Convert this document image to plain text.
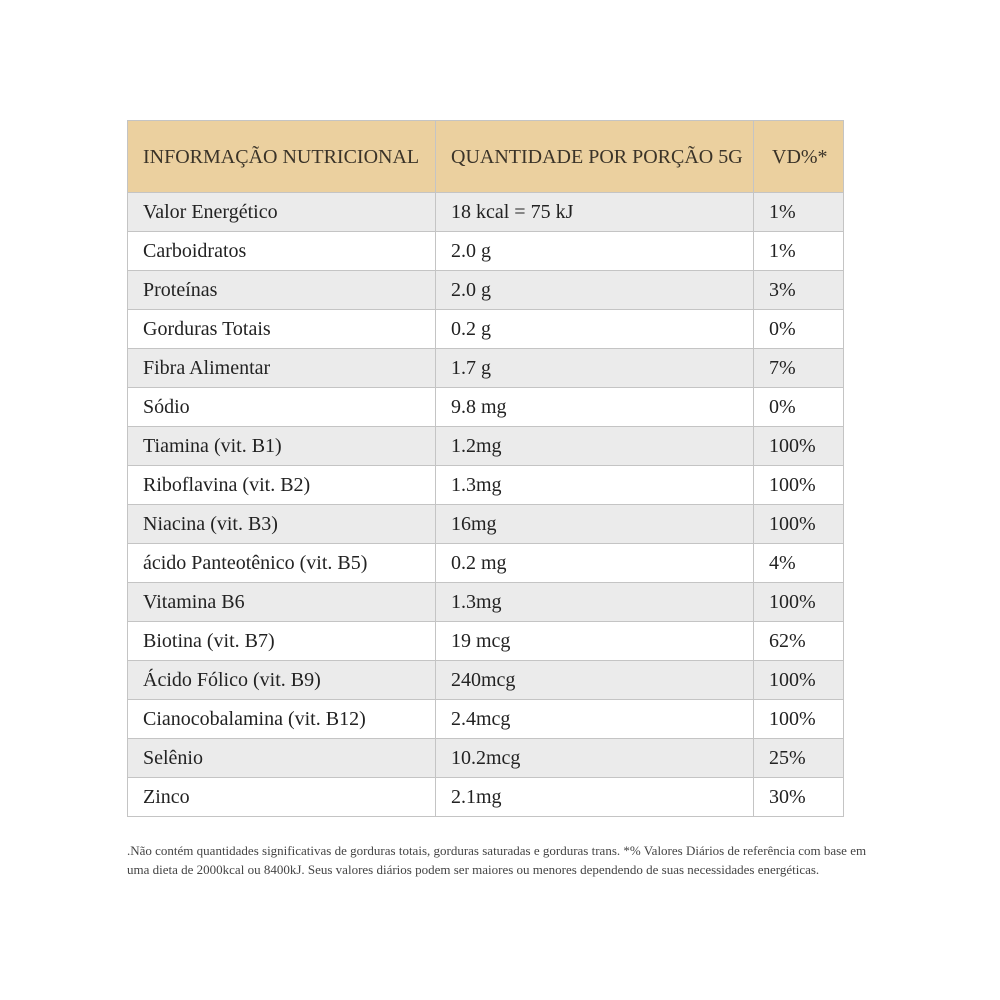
INFORMAÇÃO NUTRICIONAL	QUANTIDADE POR PORÇÃO 5G	VD%*
Valor Energético	18 kcal = 75 kJ	1%
Carboidratos	2.0 g	1%
Proteínas	2.0 g	3%
Gorduras Totais	0.2 g	0%
Fibra Alimentar	1.7 g	7%
Sódio	9.8 mg	0%
Tiamina (vit. B1)	1.2mg	100%
Riboflavina (vit. B2)	1.3mg	100%
Niacina (vit. B3)	16mg	100%
ácido Panteotênico (vit. B5)	0.2 mg	4%
Vitamina B6	1.3mg	100%
Biotina (vit. B7)	19 mcg	62%
Ácido Fólico (vit. B9)	240mcg	100%
Cianocobalamina (vit. B12)	2.4mcg	100%
Selênio	10.2mcg	25%
Zinco	2.1mg	30%

.Não contém quantidades significativas de gorduras totais, gorduras saturadas e gorduras trans. *% Valores Diários de referência com base em uma dieta de 2000kcal ou 8400kJ. Seus valores diários podem ser maiores ou menores dependendo de suas necessidades energéticas.
